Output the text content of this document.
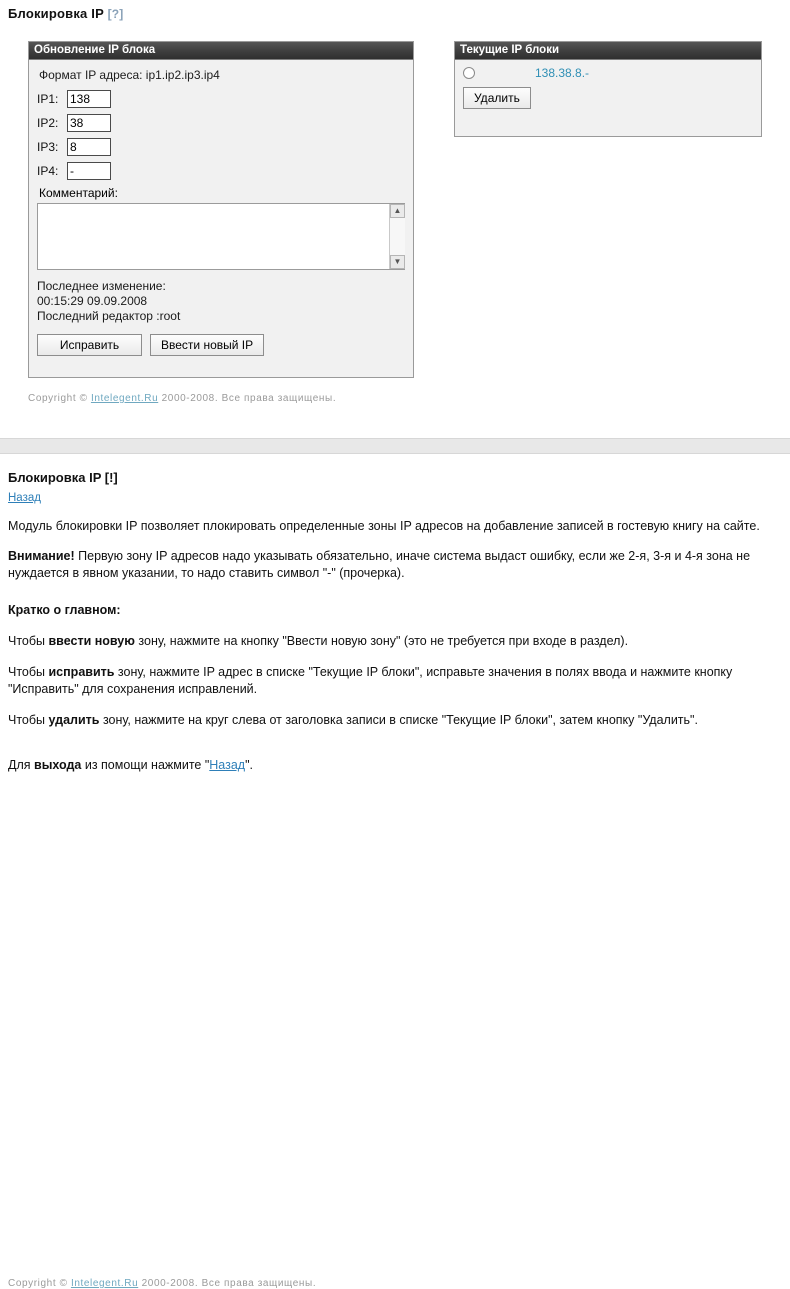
Блокировка IP [?]
Обновление IP блока
Формат IP адреса: ip1.ip2.ip3.ip4
IP1:
138
IP2:
38
IP3:
8
IP4:
-
Комментарий:
▲
▼
Последнее изменение:
00:15:29 09.09.2008
Последний редактор :root
Исправить	Ввести новый IP
Текущие IP блоки
138.38.8.-
Удалить
Copyright © Intelegent.Ru 2000-2008. Все права защищены.
Блокировка IP [!]
Назад

Модуль блокировки IP позволяет плокировать определенные зоны IP адресов на добавление записей в гостевую книгу на сайте.

Внимание! Первую зону IP адресов надо указывать обязательно, иначе система выдаст ошибку, если же 2-я, 3-я и 4-я зона не нуждается в явном указании, то надо ставить символ "-" (прочерка).

Кратко о главном:

Чтобы ввести новую зону, нажмите на кнопку "Ввести новую зону" (это не требуется при входе в раздел).

Чтобы исправить зону, нажмите IP адрес в списке "Текущие IP блоки", исправьте значения в полях ввода и нажмите кнопку "Исправить" для сохранения исправлений.

Чтобы удалить зону, нажмите на круг слева от заголовка записи в списке "Текущие IP блоки", затем кнопку "Удалить".

Для выхода из помощи нажмите "Назад".

Copyright © Intelegent.Ru 2000-2008. Все права защищены.
